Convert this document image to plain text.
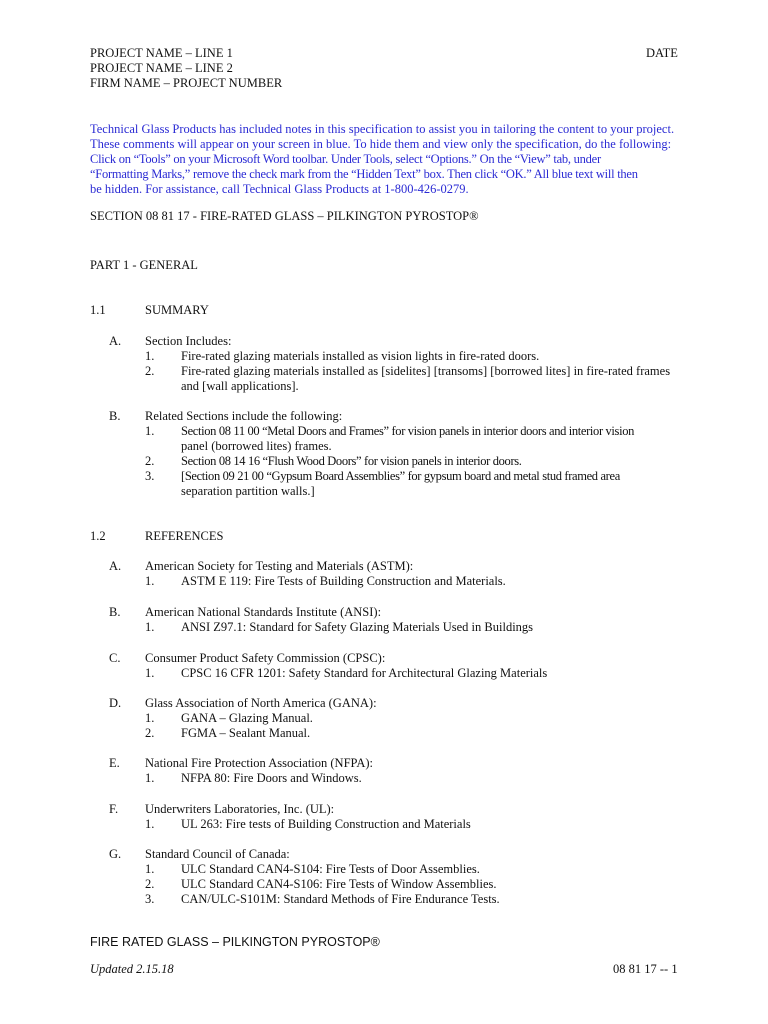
PROJECT NAME – LINE 1
PROJECT NAME – LINE 2
FIRM NAME – PROJECT NUMBER
DATE
Technical Glass Products has included notes in this specification to assist you in tailoring the content to your project.
These comments will appear on your screen in blue. To hide them and view only the specification, do the following:
Click on “Tools” on your Microsoft Word toolbar. Under Tools, select “Options.” On the “View” tab, under
“Formatting Marks,” remove the check mark from the “Hidden Text” box. Then click “OK.” All blue text will then
be hidden. For assistance, call Technical Glass Products at 1-800-426-0279.
SECTION 08 81 17 - FIRE-RATED GLASS – PILKINGTON PYROSTOP®
PART 1 - GENERAL
1.1	SUMMARY
A. Section Includes:
1. Fire-rated glazing materials installed as vision lights in fire-rated doors.
2. Fire-rated glazing materials installed as [sidelites] [transoms] [borrowed lites] in fire-rated frames
and [wall applications].
B. Related Sections include the following:
1. Section 08 11 00 “Metal Doors and Frames” for vision panels in interior doors and interior vision
panel (borrowed lites) frames.
2. Section 08 14 16 “Flush Wood Doors” for vision panels in interior doors.
3. [Section 09 21 00 “Gypsum Board Assemblies” for gypsum board and metal stud framed area
separation partition walls.]
1.2	REFERENCES
A. American Society for Testing and Materials (ASTM):
1. ASTM E 119: Fire Tests of Building Construction and Materials.
B. American National Standards Institute (ANSI):
1. ANSI Z97.1: Standard for Safety Glazing Materials Used in Buildings
C. Consumer Product Safety Commission (CPSC):
1. CPSC 16 CFR 1201: Safety Standard for Architectural Glazing Materials
D. Glass Association of North America (GANA):
1. GANA – Glazing Manual.
2. FGMA – Sealant Manual.
E. National Fire Protection Association (NFPA):
1. NFPA 80: Fire Doors and Windows.
F. Underwriters Laboratories, Inc. (UL):
1. UL 263: Fire tests of Building Construction and Materials
G. Standard Council of Canada:
1. ULC Standard CAN4-S104: Fire Tests of Door Assemblies.
2. ULC Standard CAN4-S106: Fire Tests of Window Assemblies.
3. CAN/ULC-S101M: Standard Methods of Fire Endurance Tests.
FIRE RATED GLASS – PILKINGTON PYROSTOP®
Updated 2.15.18	08 81 17 -- 1
